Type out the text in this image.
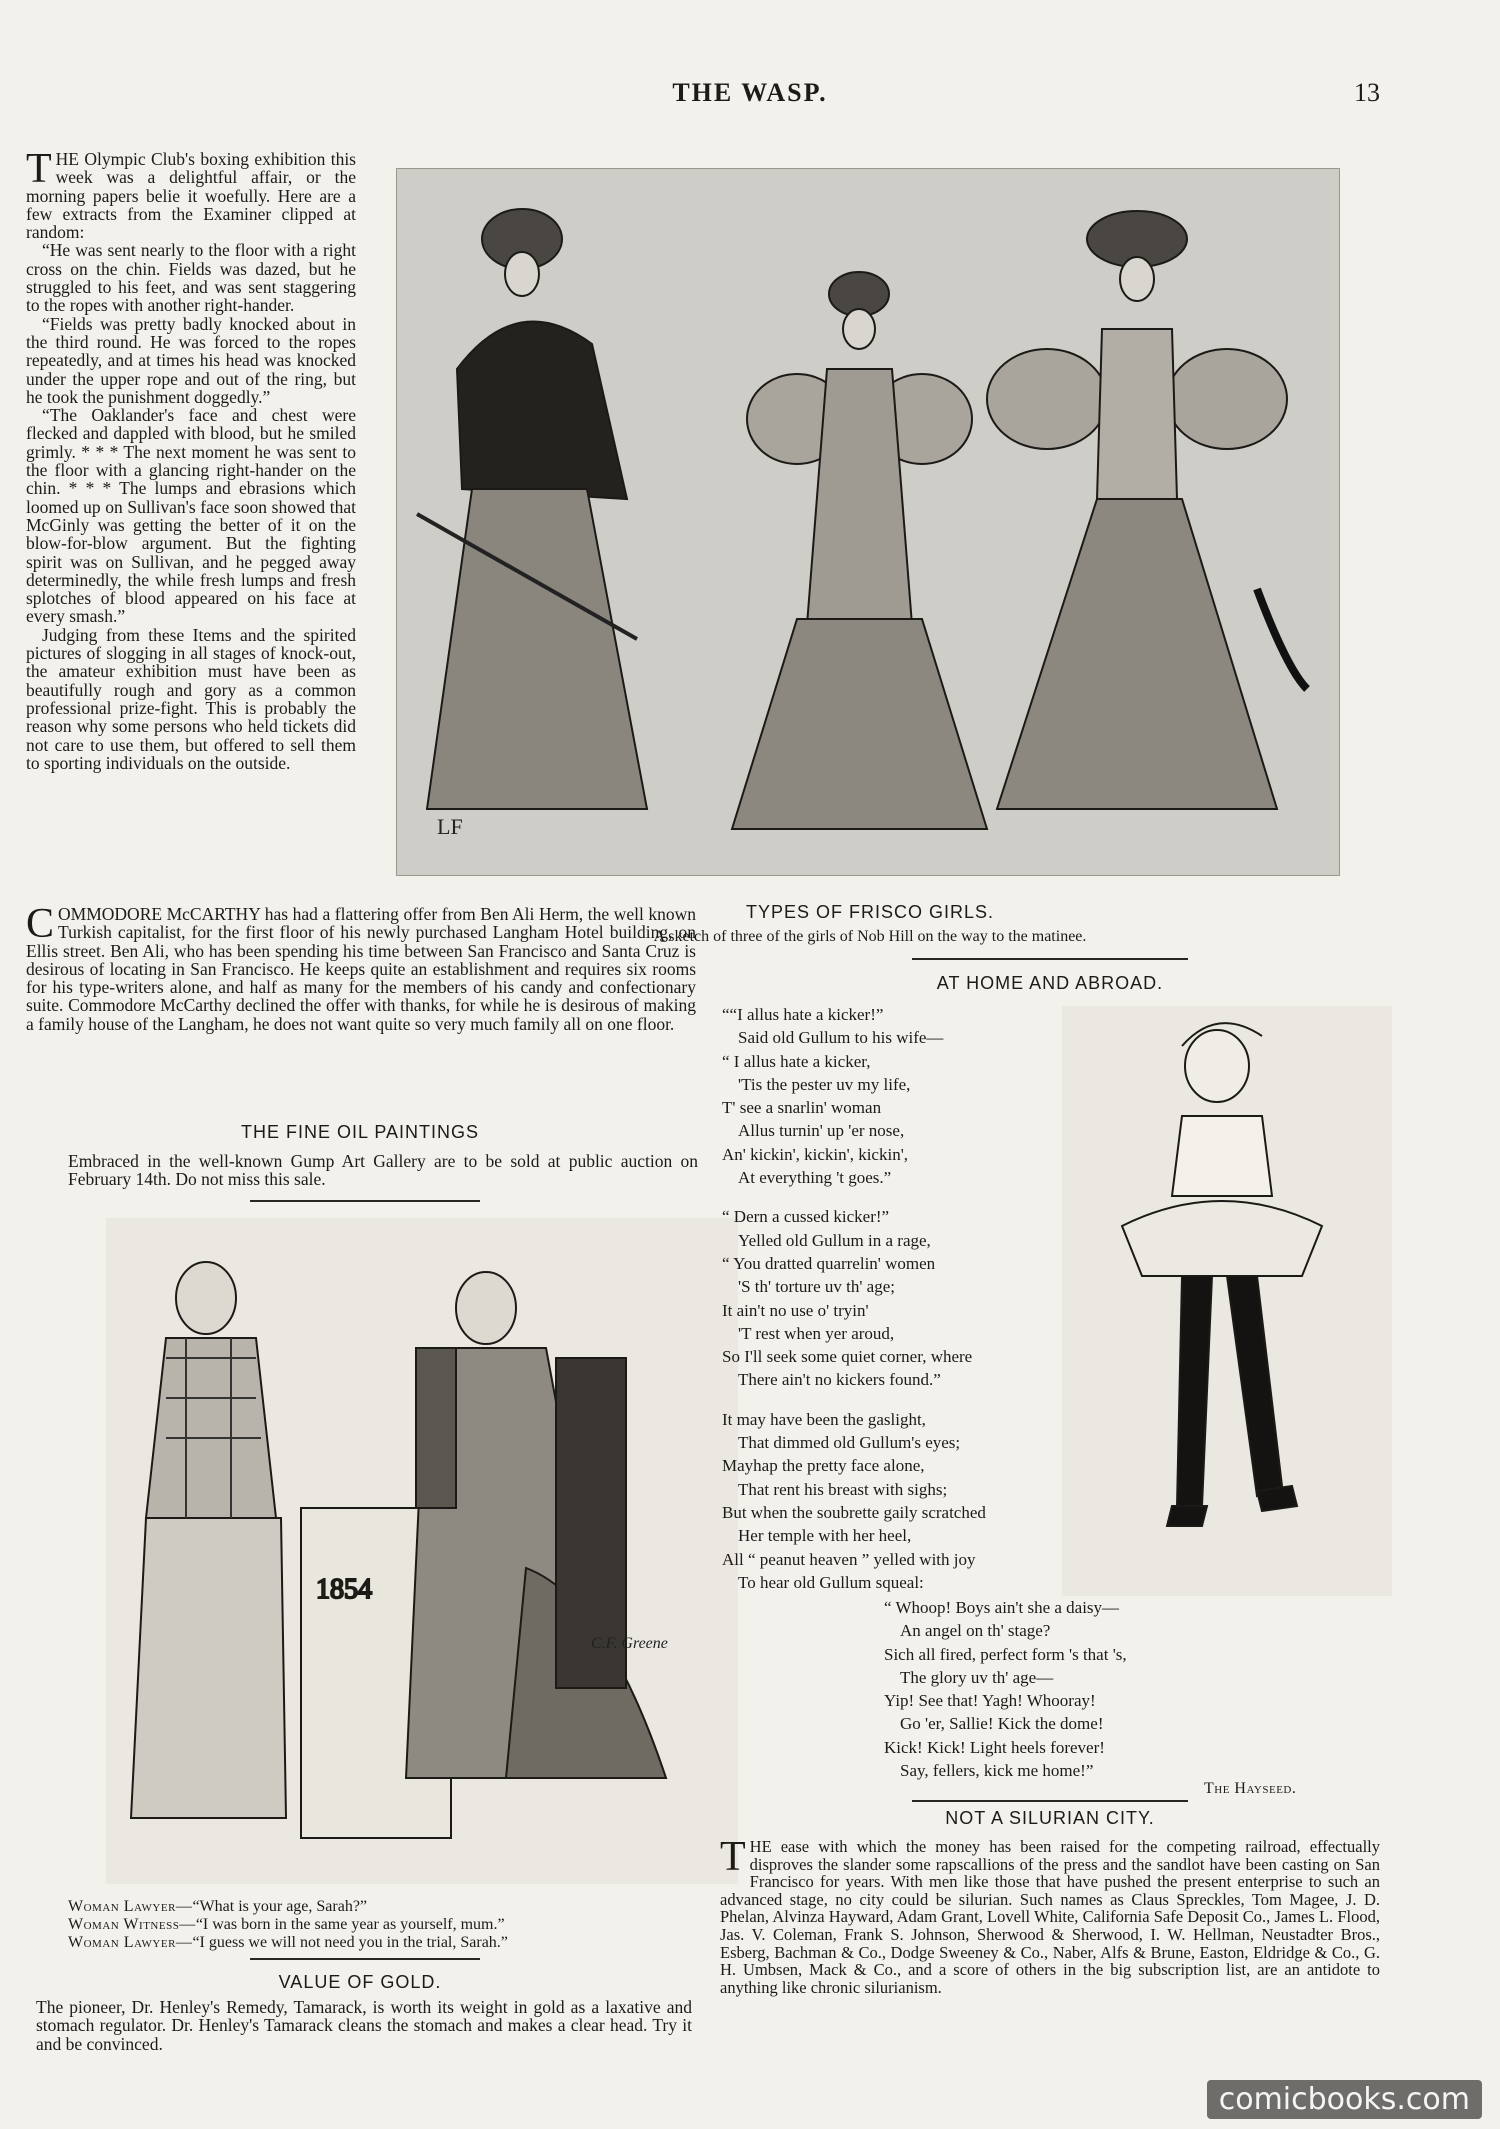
THE WASP.	13

THE Olympic Club's boxing exhibition this week was a delightful affair, or the morning papers belie it woefully. Here are a few extracts from the Examiner clipped at random:

“He was sent nearly to the floor with a right cross on the chin. Fields was dazed, but he struggled to his feet, and was sent staggering to the ropes with another right-hander.

“Fields was pretty badly knocked about in the third round. He was forced to the ropes repeatedly, and at times his head was knocked under the upper rope and out of the ring, but he took the punishment doggedly.”

“The Oaklander's face and chest were flecked and dappled with blood, but he smiled grimly. * * * The next moment he was sent to the floor with a glancing right-hander on the chin. * * * The lumps and ebrasions which loomed up on Sullivan's face soon showed that McGinly was getting the better of it on the blow-for-blow argument. But the fighting spirit was on Sullivan, and he pegged away determinedly, the while fresh lumps and fresh splotches of blood appeared on his face at every smash.”

Judging from these Items and the spirited pictures of slogging in all stages of knock-out, the amateur exhibition must have been as beautifully rough and gory as a common professional prize-fight. This is probably the reason why some persons who held tickets did not care to use them, but offered to sell them to sporting individuals on the outside.

LF
TYPES OF FRISCO GIRLS.
A sketch of three of the girls of Nob Hill on the way to the matinee.

COMMODORE McCARTHY has had a flattering offer from Ben Ali Herm, the well known Turkish capitalist, for the first floor of his newly purchased Langham Hotel building, on Ellis street. Ben Ali, who has been spending his time between San Francisco and Santa Cruz is desirous of locating in San Francisco. He keeps quite an establishment and requires six rooms for his type-writers alone, and half as many for the members of his candy and confectionary suite. Commodore McCarthy declined the offer with thanks, for while he is desirous of making a family house of the Langham, he does not want quite so very much family all on one floor.

THE FINE OIL PAINTINGS
Embraced in the well-known Gump Art Gallery are to be sold at public auction on February 14th. Do not miss this sale.
1854
C.F. Greene
Woman Lawyer—“What is your age, Sarah?”
Woman Witness—“I was born in the same year as yourself, mum.”
Woman Lawyer—“I guess we will not need you in the trial, Sarah.”
VALUE OF GOLD.
The pioneer, Dr. Henley's Remedy, Tamarack, is worth its weight in gold as a laxative and stomach regulator. Dr. Henley's Tamarack cleans the stomach and makes a clear head. Try it and be convinced.
AT HOME AND ABROAD.
““I allus hate a kicker!”
Said old Gullum to his wife—
“ I allus hate a kicker,
'Tis the pester uv my life,
T' see a snarlin' woman
Allus turnin' up 'er nose,
An' kickin', kickin', kickin',
At everything 't goes.”
“ Dern a cussed kicker!”
Yelled old Gullum in a rage,
“ You dratted quarrelin' women
'S th' torture uv th' age;
It ain't no use o' tryin'
'T rest when yer aroud,
So I'll seek some quiet corner, where
There ain't no kickers found.”
It may have been the gaslight,
That dimmed old Gullum's eyes;
Mayhap the pretty face alone,
That rent his breast with sighs;
But when the soubrette gaily scratched
Her temple with her heel,
All “ peanut heaven ” yelled with joy
To hear old Gullum squeal:
“ Whoop! Boys ain't she a daisy—
An angel on th' stage?
Sich all fired, perfect form 's that 's,
The glory uv th' age—
Yip! See that! Yagh! Whooray!
Go 'er, Sallie! Kick the dome!
Kick! Kick! Light heels forever!
Say, fellers, kick me home!”
The Hayseed.
NOT A SILURIAN CITY.

THE ease with which the money has been raised for the competing railroad, effectually disproves the slander some rapscallions of the press and the sandlot have been casting on San Francisco for years. With men like those that have pushed the present enterprise to such an advanced stage, no city could be silurian. Such names as Claus Spreckles, Tom Magee, J. D. Phelan, Alvinza Hayward, Adam Grant, Lovell White, California Safe Deposit Co., James L. Flood, Jas. V. Coleman, Frank S. Johnson, Sherwood & Sherwood, I. W. Hellman, Neustadter Bros., Esberg, Bachman & Co., Dodge Sweeney & Co., Naber, Alfs & Brune, Easton, Eldridge & Co., G. H. Umbsen, Mack & Co., and a score of others in the big subscription list, are an antidote to anything like chronic silurianism.

comicbooks.com
